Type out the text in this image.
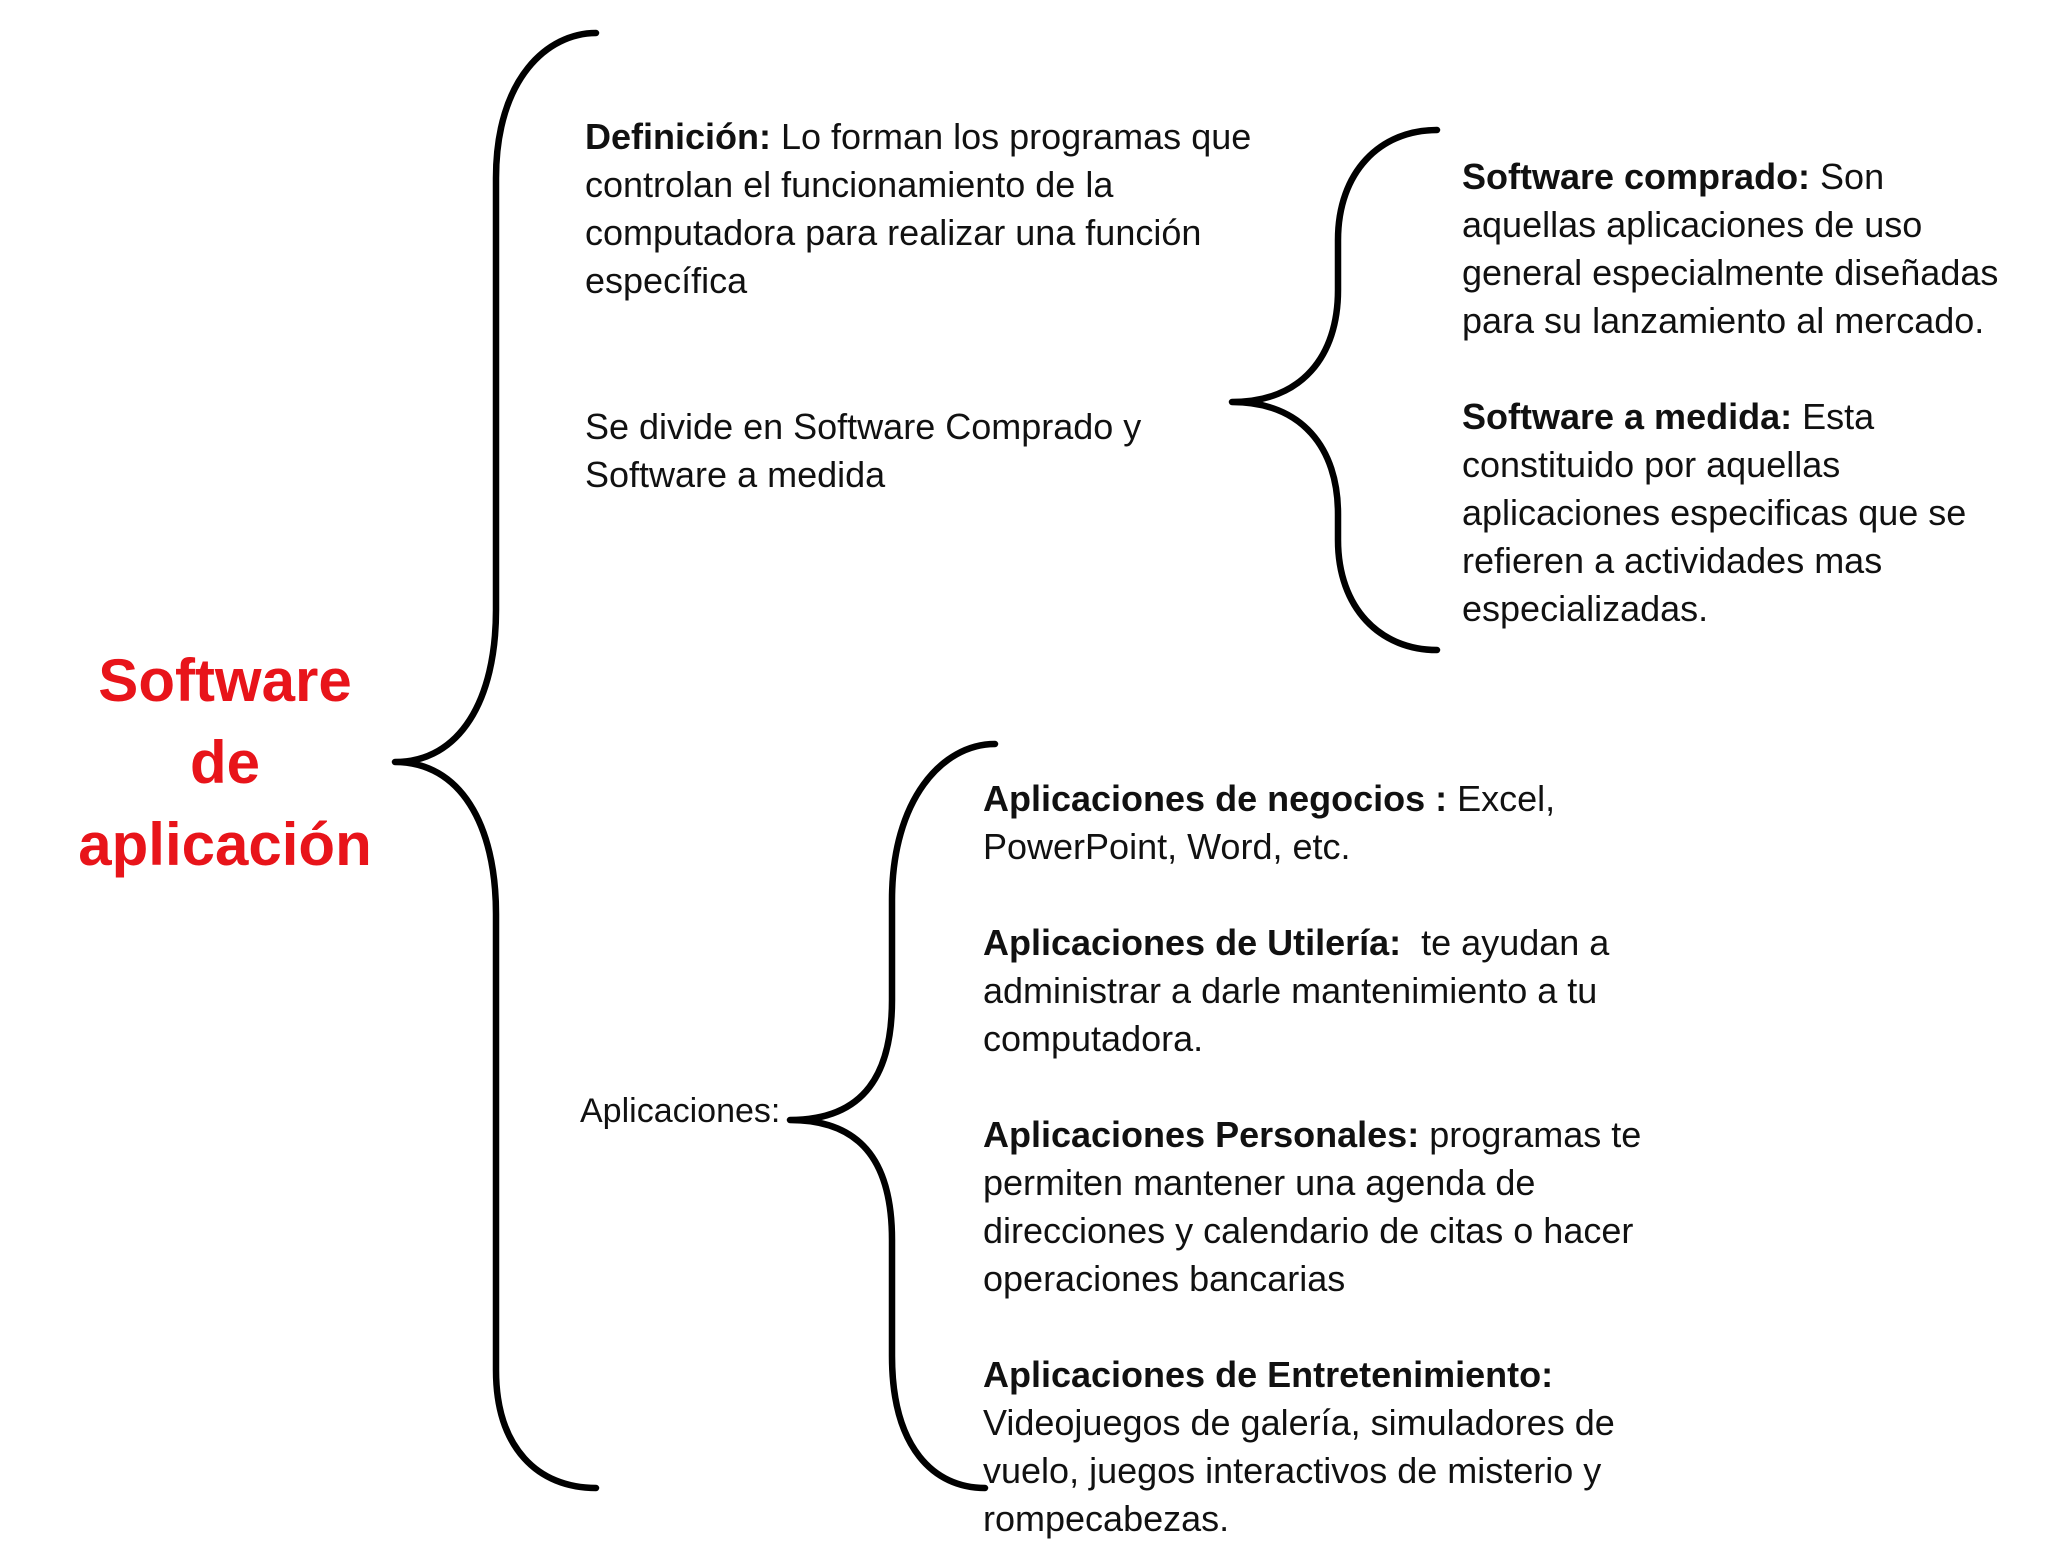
Software
de
aplicación

Definición: Lo forman los programas que
controlan el funcionamiento de la
computadora para realizar una función
específica

Se divide en Software Comprado y
Software a medida

Software comprado: Son
aquellas aplicaciones de uso
general especialmente diseñadas
para su lanzamiento al mercado.

Software a medida: Esta
constituido por aquellas
aplicaciones especificas que se
refieren a actividades mas
especializadas.

Aplicaciones:

Aplicaciones de negocios : Excel,
PowerPoint, Word, etc.

Aplicaciones de Utilería:  te ayudan a
administrar a darle mantenimiento a tu
computadora.

Aplicaciones Personales: programas te
permiten mantener una agenda de
direcciones y calendario de citas o hacer
operaciones bancarias

Aplicaciones de Entretenimiento:
Videojuegos de galería, simuladores de
vuelo, juegos interactivos de misterio y
rompecabezas.
